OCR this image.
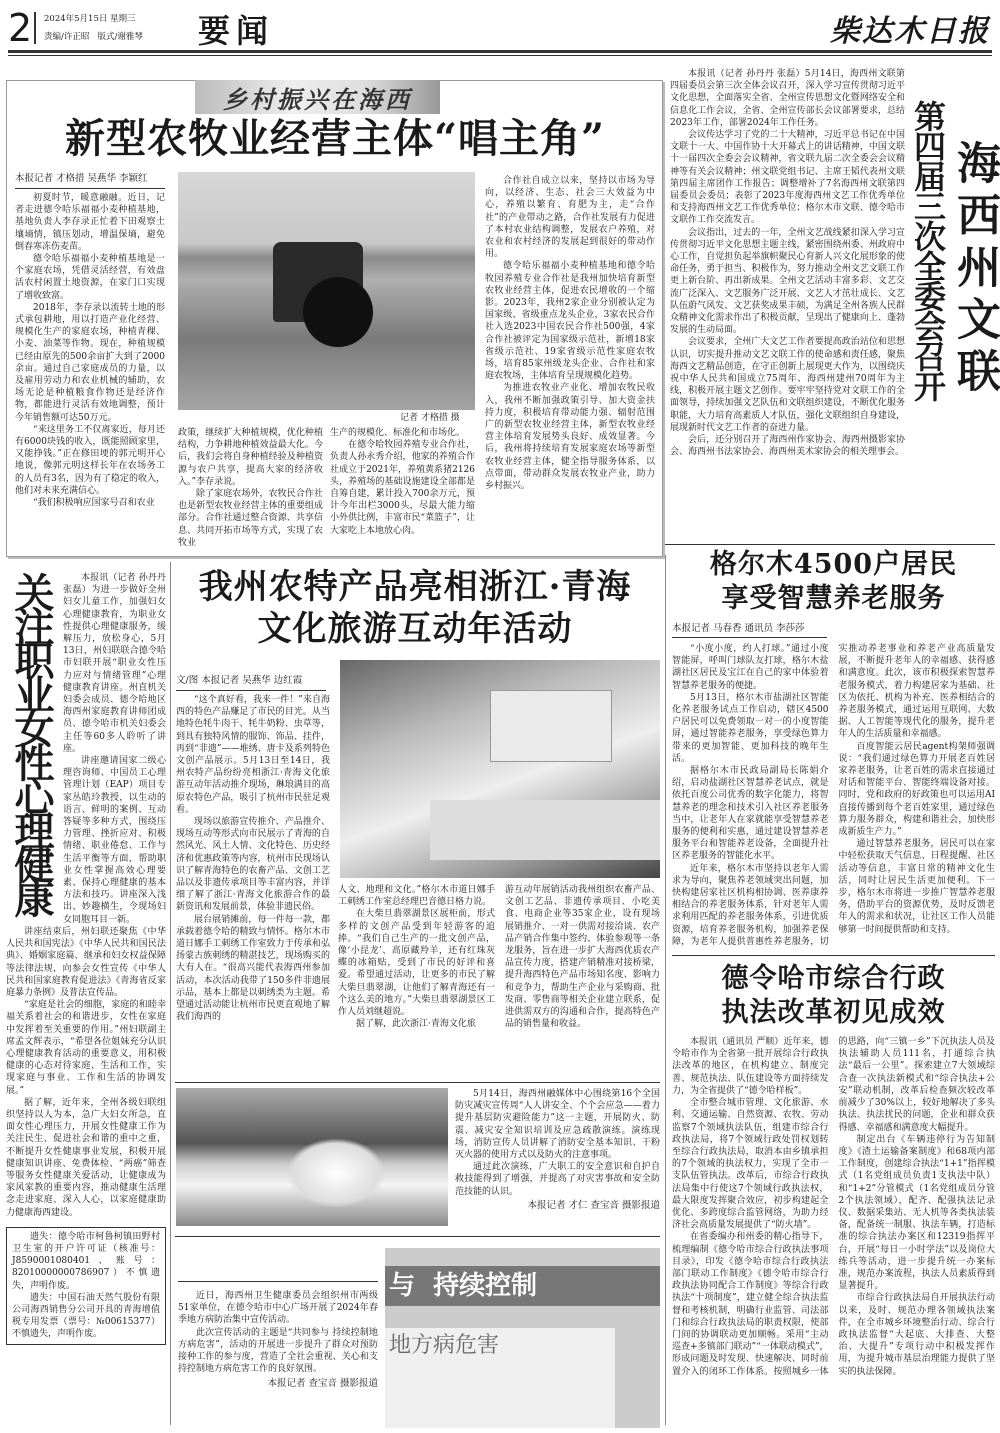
2 2024年5月15日 星期三
责编/许正昭   版式/谢雅琴 要闻	柴达木日报
乡村振兴在海西
新型农牧业经营主体“唱主角”
本报记者 才格措 吴燕华 李颖红

初夏时节，暖意融融。近日，记者走进德令哈乐福福小麦种植基地，基地负责人李存录正忙着下田观察土壤墒情，镇压划动，增温保墒，避免倒春寒冻伤麦苗。

德令哈乐福福小麦种植基地是一个家庭农场，凭借灵活经营，有效盘活农村闲置土地资源，在家门口实现了增收致富。

2018年，李存录以流转土地的形式承包耕地，用以打造产业化经营、规模化生产的家庭农场，种植青稞、小麦、油菜等作物。现在，种植规模已经由原先的500余亩扩大到了2000余亩。通过自己家庭成员的力量，以及雇用劳动力和农业机械的辅助，农场无论是种植粮食作物还是经济作物，都能进行灵活有效地调整，预计今年销售额可达50万元。

“来这里务工不仅离家近，每月还有6000块钱的收入，既能照顾家里，又能挣钱。”正在修田埂的郭元明开心地说，像郭元明这样长年在农场务工的人员有3名，因为有了稳定的收入，他们对未来充满信心。

“我们积极响应国家号召和农业

记者 才格措 摄

政策，继续扩大种植规模，优化种植结构，力争耕地种植效益最大化。今后，我们会将自身种植经验及种植资源与农户共享，提高大家的经济收入。”李存录说。

除了家庭农场外，农牧民合作社也是新型农牧业经营主体的重要组成部分。合作社通过整合资源、共享信息、共同开拓市场等方式，实现了农牧业

生产的规模化、标准化和市场化。

在德令哈牧园养殖专业合作社，负责人孙永秀介绍，他家的养殖合作社成立于2021年，养殖黄系猪2126头，养殖场的基础设施建设全部都是自筹自建，累计投入700余万元，预计今年出栏3000头，尽最大能力缩小外供比例，丰富市民“菜篮子”，让大家吃上本地放心肉。

合作社自成立以来，坚持以市场为导向，以经济、生态、社会三大效益为中心，养殖以繁育、育肥为主，走“合作社”的产业带动之路，合作社发展有力促进了本村农业结构调整，发展农户养殖，对农业和农村经济的发展起到很好的带动作用。

德令哈乐福福小麦种植基地和德令哈牧园养殖专业合作社是我州加快培育新型农牧业经营主体，促进农民增收的一个缩影。2023年，我州2家企业分别被认定为国家级、省级重点龙头企业，3家农民合作社入选2023中国农民合作社500强，4家合作社被评定为国家级示范社，新增18家省级示范社、19家省级示范性家庭农牧场，培育85家州级龙头企业、合作社和家庭农牧场，主体培育呈现规模化趋势。

为推进农牧业产业化、增加农牧民收入，我州不断加强政策引导、加大资金扶持力度，积极培育带动能力强、辐射范围广的新型农牧业经营主体，新型农牧业经营主体培育发展势头良好、成效显著。今后，我州将持续培育发展家庭农场等新型农牧业经营主体，健全指导服务体系，以点带面，带动群众发展农牧业产业，助力乡村振兴。

本报讯（记者 孙丹丹 张磊）5月14日，海西州文联第四届委员会第三次全体会议召开，深入学习宣传贯彻习近平文化思想，全面落实全省、全州宣传思想文化暨网络安全和信息化工作会议，全省、全州宣传部长会议部署要求，总结2023年工作，部署2024年工作任务。

会议传达学习了党的二十大精神，习近平总书记在中国文联十一大、中国作协十大开幕式上的讲话精神，中国文联十一届四次全委会会议精神，省文联九届二次全委会会议精神等有关会议精神；州文联党组书记、主席王韬代表州文联第四届主席团作工作报告；调整增补了7名海西州文联第四届委员会委员；表彰了2023年度海西州文艺工作优秀单位和支持海西州文艺工作优秀单位；格尔木市文联、德令哈市文联作工作交流发言。

会议指出，过去的一年，全州文艺战线紧扣深入学习宣传贯彻习近平文化思想主题主线，紧密围绕州委、州政府中心工作，自觉担负起举旗帜聚民心育新人兴文化展形象的使命任务，勇于担当、积极作为，努力推动全州文艺文联工作更上新台阶、再出新成果。全州文艺活动丰富多彩、文艺交流广泛深入、文艺服务广泛开展、文艺人才茁壮成长、文艺队伍蔚气风发、文艺获奖成果丰硕，为满足全州各族人民群众精神文化需求作出了积极贡献，呈现出了健康向上、蓬勃发展的生动局面。

会议要求，全州广大文艺工作者要提高政治站位和思想认识，切实提升推动文艺文联工作的使命感和责任感，聚焦海西文艺精品创造，在守正创新上展现更大作为，以围绕庆祝中华人民共和国成立75周年、海西州建州70周年为主线，积极开展主题文艺创作。要牢牢坚持党对文联工作的全面领导，持续加强文艺队伍和文联组织建设，不断优化服务职能，大力培育高素质人才队伍，强化文联组织自身建设，展现新时代文艺工作者的奋进力量。

会后，还分别召开了海西州作家协会、海西州摄影家协会、海西州书法家协会、海西州美术家协会的相关理事会。

第四届三次全委会召开 海西州文联
关注职业女性心理健康	本报讯（记者 孙丹丹 张磊）为进一步做好全州妇女儿童工作，加强妇女心理健康教育，为职业女性提供心理健康服务，缓解压力，放松身心，5月13日，州妇联联合德令哈市妇联开展“职业女性压力应对与情绪管理”心理健康教育讲座。州直机关妇委会成员、德令哈地区海西州家庭教育讲师团成员、德令哈市机关妇委会主任等60多人聆听了讲座。

讲座邀请国家二级心理咨询师、中国员工心理管理计划（EAP）项目专家丛皓玲教授，以生动的语言、鲜明的案例、互动答疑等多种方式，围绕压力管理、挫折应对、积极情绪、职业倦怠、工作与生活平衡等方面，帮助职业女性掌握高效心理要素、保持心理健康的基本方法和技巧。讲座深入浅出、妙趣横生，令现场妇女同胞耳目一新。

讲座结束后，州妇联还聚焦《中华人民共和国宪法》《中华人民共和国民法典》、婚姻家庭篇、继承和妇女权益保障等法律法规，向参会女性宣传《中华人民共和国家庭教育促进法》《青海省反家庭暴力条例》及普法宣传品。

“家庭是社会的细胞，家庭的和睦幸福关系着社会的和谐进步，女性在家庭中发挥着至关重要的作用。”州妇联副主席孟文辉表示，“希望各位姐妹充分认识心理健康教育活动的重要意义，用积极健康的心态对待家庭、生活和工作，实现家庭与事业、工作和生活的协调发展。”

据了解，近年来，全州各级妇联组织坚持以人为本，急广大妇女所急，直面女性心理压力，开展女性健康工作为关注民生、促进社会和谐的重中之重，不断提升女性健康事业发展，积极开展健康知识讲座、免费体检、“两癌”筛查等服务女性健康关爱活动，让健康成为家风家教的重要内容，推动健康生活理念走进家庭、深入人心，以家庭健康助力健康海西建设。

遗失：德令哈市柯鲁柯镇田野村卫生室的开户许可证（核准号：J8590001080401、账号：82010000000786907）不慎遗失，声明作废。

遗失：中国石油天然气股份有限公司海西销售分公司开具的青海增值税专用发票（票号：№00615377）不慎遗失，声明作废。

我州农特产品亮相浙江·青海
文化旅游互动年活动
文/图 本报记者 吴燕华 边红霞

“这个真好看，我来一件！”来自海西的特色产品赚足了市民的目光。从当地特色牦牛肉干、牦牛奶粉、虫草等，到具有独特风情的服饰、饰品、挂件，再到“非遗”——堆绣、唐卡及系列特色文创产品展示。5月13日至14日，我州农特产品纷纷亮相浙江·青海文化旅游互动年活动推介现场，琳琅满目的高原农特色产品，吸引了杭州市民驻足观看。

现场以旅游宣传推介、产品推介、现场互动等形式向市民展示了青海的自然风光、风土人情、文化特色、历史经济和优惠政策等内容，杭州市民现场认识了解青海特色的农畜产品、文创工艺品以及非遗传承项目等丰富内容，并详细了解了浙江·青海文化旅游合作的最新资讯和发展前景，体验非遗民俗。

展台展销摊前，每一件每一款，都承载着德令哈的精致与情怀。格尔木市道日娜手工刺绣工作室致力于传承和弘扬蒙古族刺绣的精湛技艺，现场购买的大有人在。“很高兴能代表海西州参加活动，本次活动我带了150多件非遗展示品，基本上都是以刺绣类为主题。希望通过活动能让杭州市民更直观地了解我们海西的

人文、地理和文化。”格尔木市道日娜手工刺绣工作室总经理巴音德日格力说。

在大柴旦翡翠湖景区展柜前，形式多样的文创产品受到年轻游客的追捧。“我们自己生产的一批文创产品，像‘小昆龙’、高原藏羚羊，还有红珠灰蝶的冰箱贴，受到了市民的好评和喜爱。希望通过活动，让更多的市民了解大柴旦翡翠湖，让他们了解青海还有一个这么美的地方。”大柴旦翡翠湖景区工作人员刘继超说。

据了解，此次浙江·青海文化旅

游互动年展销活动我州组织农畜产品、文创工艺品、非遗传承项目、小吃美食、电商企业等35家企业，设有现场展销推介、一对一供需对接洽谈、农产品产销合作集中签约、体验参观等一条龙服务，旨在进一步扩大海西优质农产品宣传力度，搭建产销精准对接桥梁，提升海西特色产品市场知名度、影响力和竞争力，帮助生产企业与采购商、批发商、零售商等相关企业建立联系，促进供需双方的沟通和合作，提高特色产品的销售量和收益。

5月14日，海西州融媒体中心围绕第16个全国防灾减灾宣传周“人人讲安全、个个会应急——着力提升基层防灾避险能力”这一主题，开展防火、防震、减灾安全知识培训及应急疏散演练。演练现场，消防宣传人员讲解了消防安全基本知识、干粉灭火器的使用方式以及防火的注意事项。

通过此次演练，广大职工的安全意识和自护自救技能得到了增强，并提高了对灾害事故和安全防范技能的认识。

本报记者 才仁 查宝音 摄影报道

近日，海西州卫生健康委员会组织州市两级51家单位，在德令哈市中心广场开展了2024年春季地方病防治集中宣传活动。

此次宣传活动的主题是“共同参与 持续控制地方病危害”，活动的开展进一步提升了群众对预防接种工作的参与度，营造了全社会重视、关心和支持控制地方病危害工作的良好氛围。

本报记者 查宝音 摄影报道
与  持续控制
地方病危害
格尔木4500户居民
享受智慧养老服务
本报记者 马春香 通讯员 李莎莎

“小度小度，约人打球。”通过小度智能屏，呼叫门球队友打球，格尔木盐湖社区居民及宝江在自己的家中体验着智慧养老服务的便捷。

5月13日，格尔木市盐湖社区智能化养老服务试点工作启动，辖区4500户居民可以免费领取一对一的小度智能屏，通过智能养老服务，享受绿色算力带来的更加智能、更加科技的晚年生活。

据格尔木市民政局副局长陈娟介绍，启动盐湖社区智慧养老试点，就是依托百度公司优秀的数字化能力，将智慧养老的理念和技术引入社区养老服务当中，让老年人在家就能享受智慧养老服务的便利和实惠，通过建设智慧养老服务平台和智能养老设备，全面提升社区养老服务的智能化水平。

近年来，格尔木市坚持以老年人需求为导向，聚焦养老领域突出问题，加快构建居家社区机构相协调、医养康养相结合的养老服务体系，针对老年人需求利用匹配的养老服务体系，引进优质资源，培育养老服务机构，加强养老保障，为老年人提供普惠性养老服务，切实推动养老事业和养老产业高质量发展，不断提升老年人的幸福感、获得感和满意度。此次，该市积极探索智慧养老服务模式，着力构建居家为基础、社区为依托、机构为补充、医养相结合的养老服务模式，通过运用互联网、大数据、人工智能等现代化的服务，提升老年人的生活质量和幸福感。

百度智能云居民agent构架师强调说：“我们通过绿色算力开展老百姓居家养老服务，让老百姓的需求直接通过对话和智能平台、智能终端设备对接。同时，党和政府的好政策也可以运用AI直接传播到每个老百姓家里，通过绿色算力服务群众，构建和谐社会，加快形成新质生产力。”

通过智慧养老服务，居民可以在家中轻松获取天气信息、日程提醒、社区活动等信息，丰富日常的精神文化生活，同时让居民生活更加便利。下一步，格尔木市将进一步推广智慧养老服务，借助平台的资源优势，及时反馈老年人的需求和状况，让社区工作人员能够第一时间提供帮助和支持。

德令哈市综合行政
执法改革初见成效

本报讯（通讯员 严顺）近年来，德令哈市作为全省第一批开展综合行政执法改革的地区，在机构建立、制度完善、规范执法、队伍建设等方面持续发力，为全省提供了“德令哈样板”。

全市整合城市管理、文化旅游、水利、交通运输、自然资源、农牧、劳动监察7个领域执法队伍，组建市综合行政执法局，将7个领域行政处罚权划转至综合行政执法局，取消本由乡镇承担的7个领域的执法权力，实现了全市一支队伍管执法。改革后，市综合行政执法局集中行使这7个领域行政执法权，最大限度发挥聚合效应，初步构建起全优化、多跨度综合监管网络，为助力经济社会高质量发展提供了“防火墙”。

在省委编办和州委的精心指导下，梳理编制《德令哈市综合行政执法事项目录》，印发《德令哈市综合行政执法部门联动工作制度》《德令哈市综合行政执法协同配合工作制度》等综合行政执法“十项制度”，建立健全综合执法监督和考核机制，明确行业监管、司法部门和综合行政执法局的职责权限，使部门间的协调联动更加顺畅。采用“主动巡查+多镇部门联动”“一体联动模式”，形成问题及时发现、快速解决、同时前置介入的闭环工作体系。按照城乡一体的思路，向“三镇一乡”下沉执法人员及执法辅助人员111名，打通综合执法“最后一公里”。探索建立7大领域综合查一次执法新模式和“综合执法+公安”联动机制，改革后检查频次较改革前减少了30%以上，较好地解决了多头执法、执法扰民的问题，企业和群众获得感、幸福感和满意度大幅提升。

制定出台《车辆违停行为告知制度》《渣土运输备案制度》和68项内部工作制度，创建综合执法“1+1”指挥模式（1名党组成员负责1支执法中队）和“1+2”分管模式（1名党组成员分管2个执法领域），配齐、配强执法记录仪、数据采集站、无人机等各类执法装备，配备统一制服、执法车辆，打造标准的综合执法办案区和12319指挥平台，开展“每日一小时学法”以及岗位大练兵等活动，进一步提升统一办案标准，规范办案流程，执法人员素质得到显著提升。

市综合行政执法局自开展执法行动以来，及时、规范办理各领域执法案件，在全市城乡环境整治行动、综合行政执法监督“大起底、大排查、大整治、大提升”专项行动中积极发挥作用，为提升城市基层治理能力提供了坚实的执法保障。
